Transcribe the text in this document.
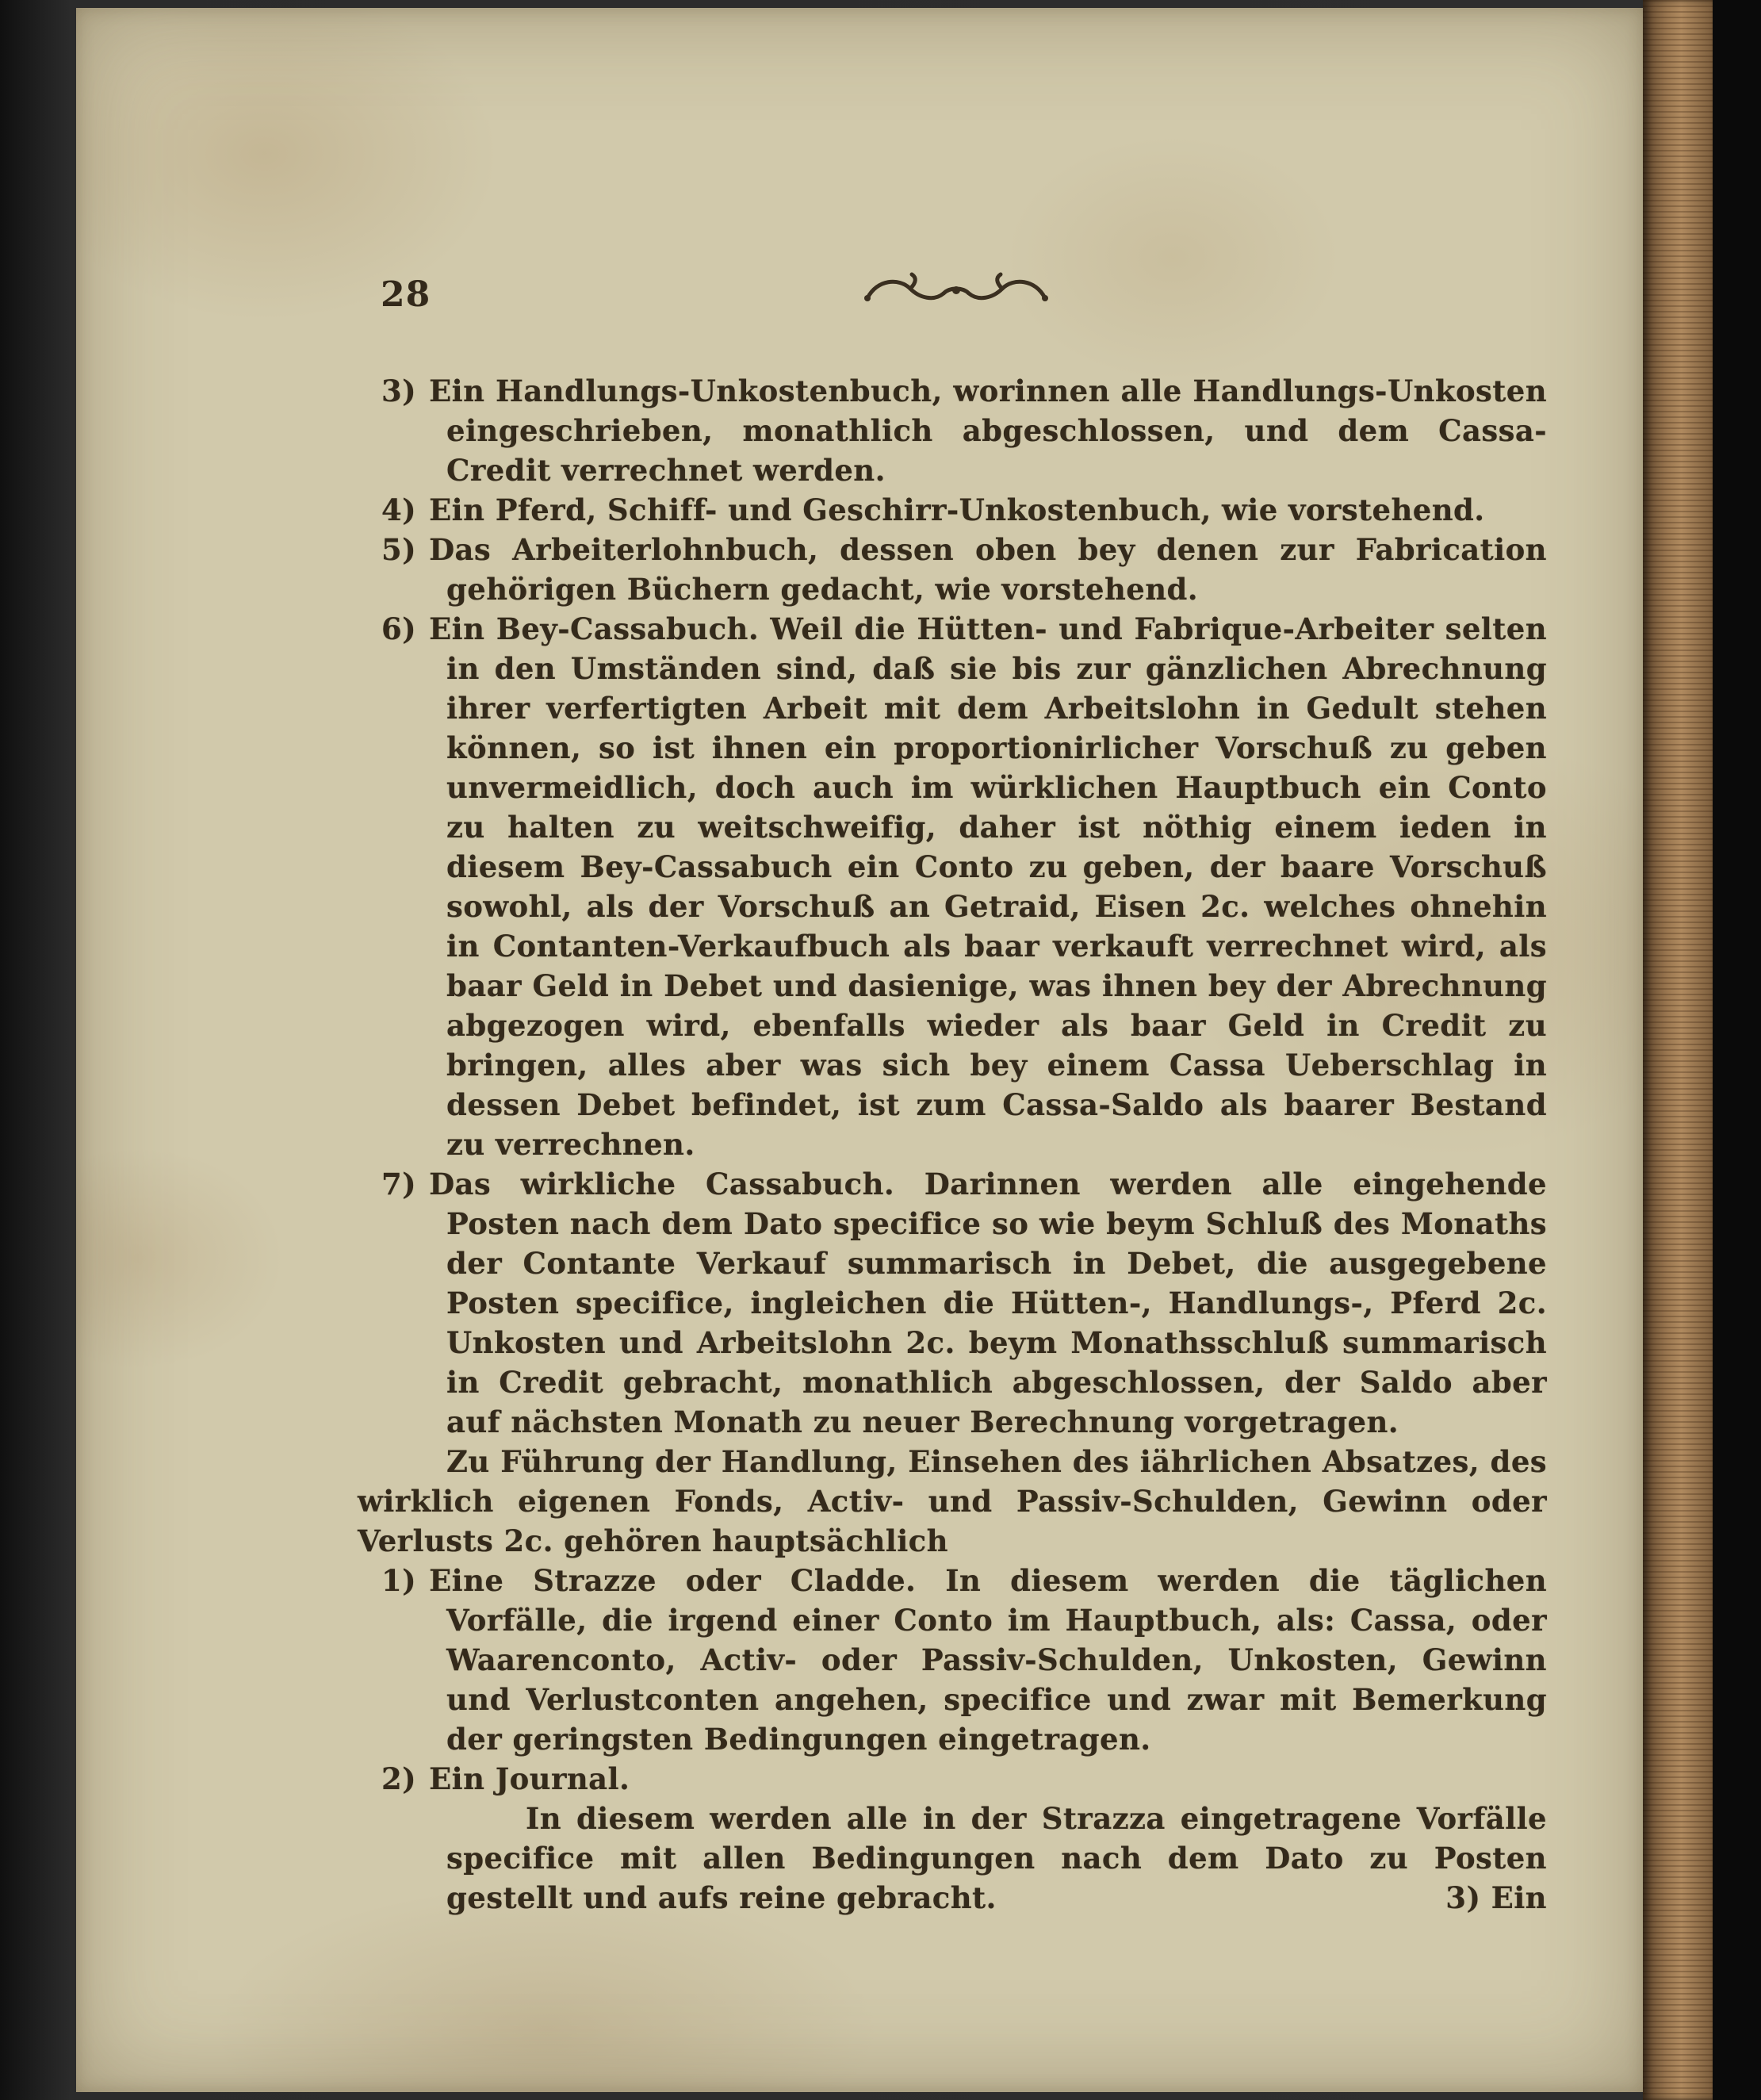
28

3) Ein Handlungs-Unkostenbuch, worinnen alle Handlungs-Unkosten eingeschrieben, monathlich abgeschlossen, und dem Cassa-Credit verrechnet werden.

4) Ein Pferd, Schiff- und Geschirr-Unkostenbuch, wie vorstehend.

5) Das Arbeiterlohnbuch, dessen oben bey denen zur Fabrication gehörigen Büchern gedacht, wie vorstehend.

6) Ein Bey-Cassabuch. Weil die Hütten- und Fabrique-Arbeiter selten in den Umständen sind, daß sie bis zur gänzlichen Abrechnung ihrer verfertigten Arbeit mit dem Arbeitslohn in Gedult stehen können, so ist ihnen ein proportionirlicher Vorschuß zu geben unvermeidlich, doch auch im würklichen Hauptbuch ein Conto zu halten zu weitschweifig, daher ist nöthig einem ieden in diesem Bey-Cassabuch ein Conto zu geben, der baare Vorschuß sowohl, als der Vorschuß an Getraid, Eisen 2c. welches ohnehin in Contanten-Verkaufbuch als baar verkauft verrechnet wird, als baar Geld in Debet und dasienige, was ihnen bey der Abrechnung abgezogen wird, ebenfalls wieder als baar Geld in Credit zu bringen, alles aber was sich bey einem Cassa Ueberschlag in dessen Debet befindet, ist zum Cassa-Saldo als baarer Bestand zu verrechnen.

7) Das wirkliche Cassabuch. Darinnen werden alle eingehende Posten nach dem Dato specifice so wie beym Schluß des Monaths der Contante Verkauf summarisch in Debet, die ausgegebene Posten specifice, ingleichen die Hütten-, Handlungs-, Pferd 2c. Unkosten und Arbeitslohn 2c. beym Monathsschluß summarisch in Credit gebracht, monathlich abgeschlossen, der Saldo aber auf nächsten Monath zu neuer Berechnung vorgetragen.

Zu Führung der Handlung, Einsehen des iährlichen Absatzes, des wirklich eigenen Fonds, Activ- und Passiv-Schulden, Gewinn oder Verlusts 2c. gehören hauptsächlich

1) Eine Strazze oder Cladde. In diesem werden die täglichen Vorfälle, die irgend einer Conto im Hauptbuch, als: Cassa, oder Waarenconto, Activ- oder Passiv-Schulden, Unkosten, Gewinn und Verlustconten angehen, specifice und zwar mit Bemerkung der geringsten Bedingungen eingetragen.

2) Ein Journal.

In diesem werden alle in der Strazza eingetragene Vorfälle specifice mit allen Bedingungen nach dem Dato zu Posten gestellt und aufs reine gebracht.	3) Ein
